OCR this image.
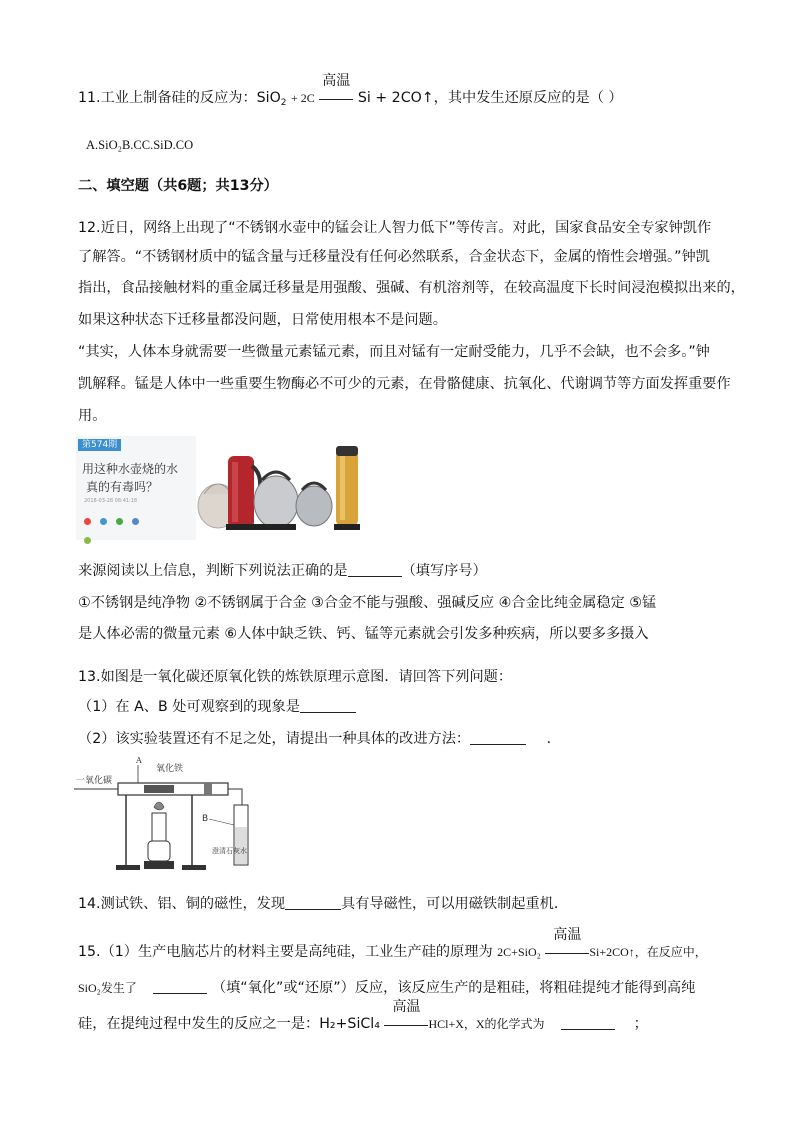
11.工业上制备硅的反应为：SiO$_2$ + 2C
高温
Si + 2CO↑，其中发生还原反应的是（ ）
A.SiO₂B.CC.SiD.CO
二、填空题（共6题；共13分）
12.近日，网络上出现了“不锈钢水壶中的锰会让人智力低下”等传言。对此，国家食品安全专家钟凯作
了解答。“不锈钢材质中的锰含量与迁移量没有任何必然联系，合金状态下，金属的惰性会增强。”钟凯
指出，食品接触材料的重金属迁移量是用强酸、强碱、有机溶剂等，在较高温度下长时间浸泡模拟出来的，
如果这种状态下迁移量都没问题，日常使用根本不是问题。
“其实，人体本身就需要一些微量元素锰元素，而且对锰有一定耐受能力，几乎不会缺，也不会多。”钟
凯解释。锰是人体中一些重要生物酶必不可少的元素，在骨骼健康、抗氧化、代谢调节等方面发挥重要作
用。
第574期
用这种水壶烧的水
真的有毒吗？
2018-03-28 08:41:18

来源阅读以上信息，判断下列说法正确的是	（填写序号）
①不锈钢是纯净物 ②不锈钢属于合金 ③合金不能与强酸、强碱反应 ④合金比纯金属稳定 ⑤锰
是人体必需的微量元素 ⑥人体中缺乏铁、钙、锰等元素就会引发多种疾病，所以要多多摄入
13.如图是一氧化碳还原氧化铁的炼铁原理示意图．请回答下列问题：
（1）在 A、B 处可观察到的现象是
（2）该实验装置还有不足之处，请提出一种具体的改进方法：	．
一氧化碳
A
氧化铁
B
澄清石灰水
14.测试铁、铝、铜的磁性，发现	具有导磁性，可以用磁铁制起重机．
15.（1）生产电脑芯片的材料主要是高纯硅，工业生产硅的原理为 2C+SiO₂
高温
Si+2CO↑，在反应中，
SiO₂发生了	（填“氧化”或“还原”）反应，该反应生产的是粗硅，将粗硅提纯才能得到高纯
硅，在提纯过程中发生的反应之一是：H₂+SiCl₄
高温
HCl+X，X的化学式为	；
